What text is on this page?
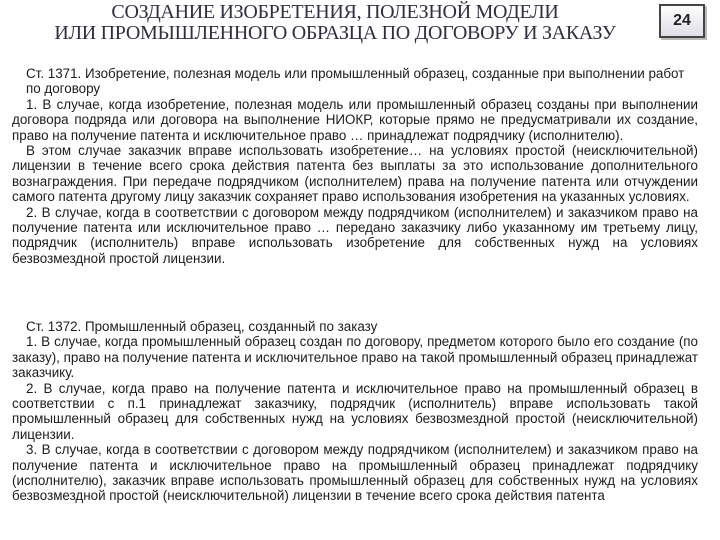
СОЗДАНИЕ ИЗОБРЕТЕНИЯ, ПОЛЕЗНОЙ МОДЕЛИ
ИЛИ ПРОМЫШЛЕННОГО ОБРАЗЦА ПО ДОГОВОРУ И ЗАКАЗУ
24

Ст. 1371. Изобретение, полезная модель или промышленный образец, созданные при выполнении работ по договору

1. В случае, когда изобретение, полезная модель или промышленный образец созданы при выполнении договора подряда или договора на выполнение НИОКР, которые прямо не предусматривали их создание, право на получение патента и исключительное право … принадлежат подрядчику (исполнителю).

В этом случае заказчик вправе использовать изобретение… на условиях простой (неисключительной) лицензии в течение всего срока действия патента без выплаты за это использование дополнительного вознаграждения. При передаче подрядчиком (исполнителем) права на получение патента или отчуждении самого патента другому лицу заказчик сохраняет право использования изобретения на указанных условиях.

2. В случае, когда в соответствии с договором между подрядчиком (исполнителем) и заказчиком право на получение патента или исключительное право … передано заказчику либо указанному им третьему лицу, подрядчик (исполнитель) вправе использовать изобретение для собственных нужд на условиях безвозмездной простой лицензии.

Ст. 1372. Промышленный образец, созданный по заказу

1. В случае, когда промышленный образец создан по договору, предметом которого было его создание (по заказу), право на получение патента и исключительное право на такой промышленный образец принадлежат заказчику.

2. В случае, когда право на получение патента и исключительное право на промышленный образец в соответствии с п.1 принадлежат заказчику, подрядчик (исполнитель) вправе использовать такой промышленный образец для собственных нужд на условиях безвозмездной простой (неисключительной) лицензии.

3. В случае, когда в соответствии с договором между подрядчиком (исполнителем) и заказчиком право на получение патента и исключительное право на промышленный образец принадлежат подрядчику (исполнителю), заказчик вправе использовать промышленный образец для собственных нужд на условиях безвозмездной простой (неисключительной) лицензии в течение всего срока действия патента
